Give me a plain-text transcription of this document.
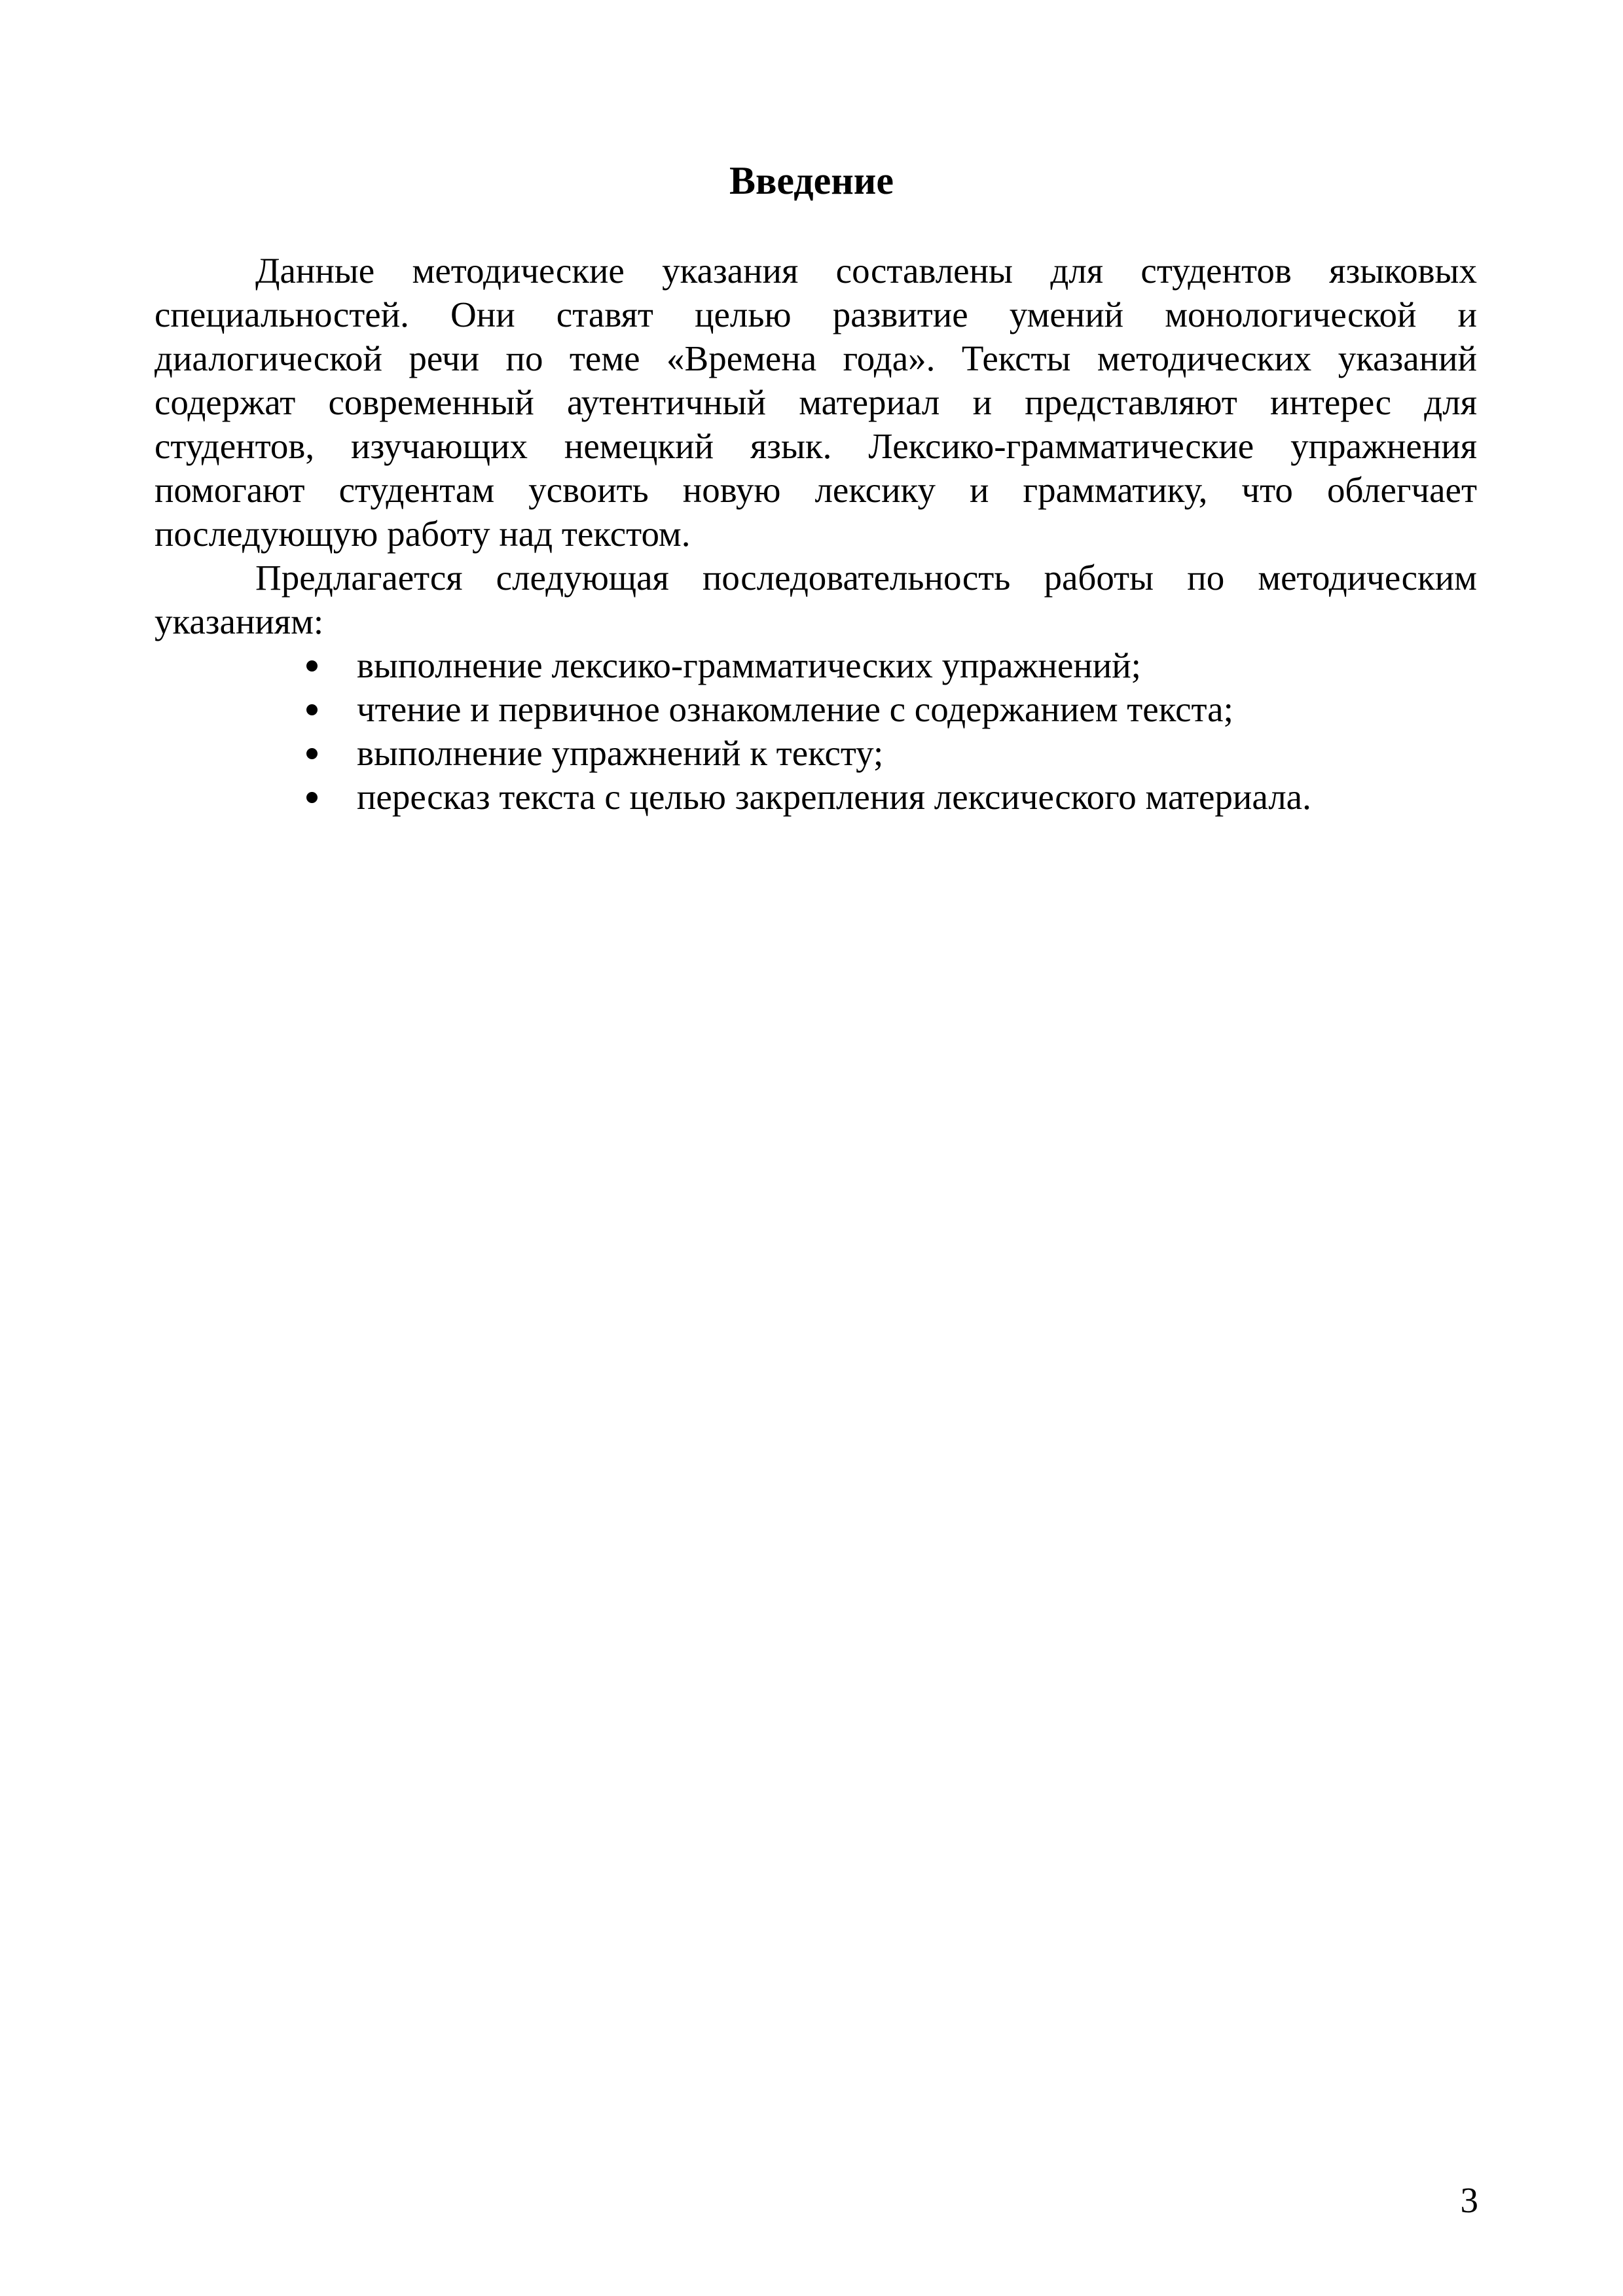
Введение

Данные методические указания составлены для студентов языковых специальностей. Они ставят целью развитие умений монологической и диалогической речи по теме «Времена года». Тексты методических указаний содержат современный аутентичный материал и представляют интерес для студентов, изучающих немецкий язык. Лексико-грамматические упражнения помогают студентам усвоить новую лексику и грамматику, что облегчает последующую работу над текстом.

Предлагается следующая последовательность работы по методическим указаниям:

выполнение лексико-грамматических упражнений;
чтение и первичное ознакомление с содержанием текста;
выполнение упражнений к тексту;
пересказ текста с целью закрепления лексического материала.
3
